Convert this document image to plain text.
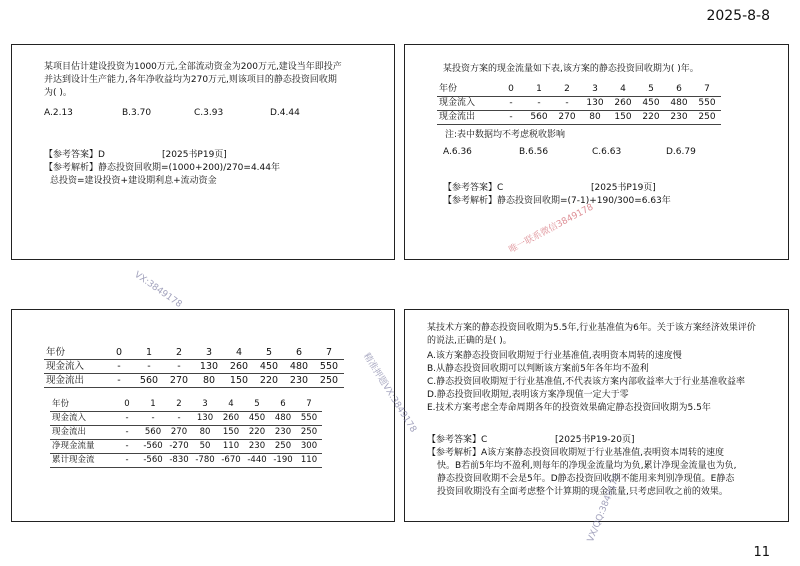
2025-8-8
某项目估计建设投资为1000万元,全部流动资金为200万元,建设当年即投产
并达到设计生产能力,各年净收益均为270万元,则该项目的静态投资回收期
为( )。
A.2.13	B.3.70	C.3.93	D.4.44
【参考答案】D	[2025书P19页]
【参考解析】静态投资回收期=(1000+200)/270=4.44年
总投资=建设投资+建设期利息+流动资金
某投资方案的现金流量如下表,该方案的静态投资回收期为( )年。
年份	0	1	2	3	4	5	6	7
现金流入	-	-	-	130	260	450	480	550
现金流出	-	560	270	80	150	220	230	250
注:表中数据均不考虑税收影响
A.6.36	B.6.56	C.6.63	D.6.79
【参考答案】C	[2025书P19页]
【参考解析】静态投资回收期=(7-1)+190/300=6.63年
年份	0	1	2	3	4	5	6	7
现金流入	-	-	-	130	260	450	480	550
现金流出	-	560	270	80	150	220	230	250
年份	0	1	2	3	4	5	6	7
现金流入	-	-	-	130	260	450	480	550
现金流出	-	560	270	80	150	220	230	250
净现金流量	-	-560	-270	50	110	230	250	300
累计现金流	-	-560	-830	-780	-670	-440	-190	110
某技术方案的静态投资回收期为5.5年,行业基准值为6年。关于该方案经济效果评价
的说法,正确的是( )。
A.该方案静态投资回收期短于行业基准值,表明资本周转的速度慢
B.从静态投资回收期可以判断该方案前5年各年均不盈利
C.静态投资回收期短于行业基准值,不代表该方案内部收益率大于行业基准收益率
D.静态投资回收期短,表明该方案净现值一定大于零
E.技术方案考虑全寿命周期各年的投资效果确定静态投资回收期为5.5年
【参考答案】C	[2025书P19-20页]
【参考解析】A该方案静态投资回收期短于行业基准值,表明资本周转的速度
快。B若前5年均不盈利,则每年的净现金流量均为负,累计净现金流量也为负,
静态投资回收期不会是5年。D静态投资回收期不能用来判别净现值。E静态
投资回收期没有全面考虑整个计算期的现金流量,只考虑回收之前的效果。
VX:3849178
唯一联系微信3849178
精准押题VX:3849178
VX/QQ:3849178
11
